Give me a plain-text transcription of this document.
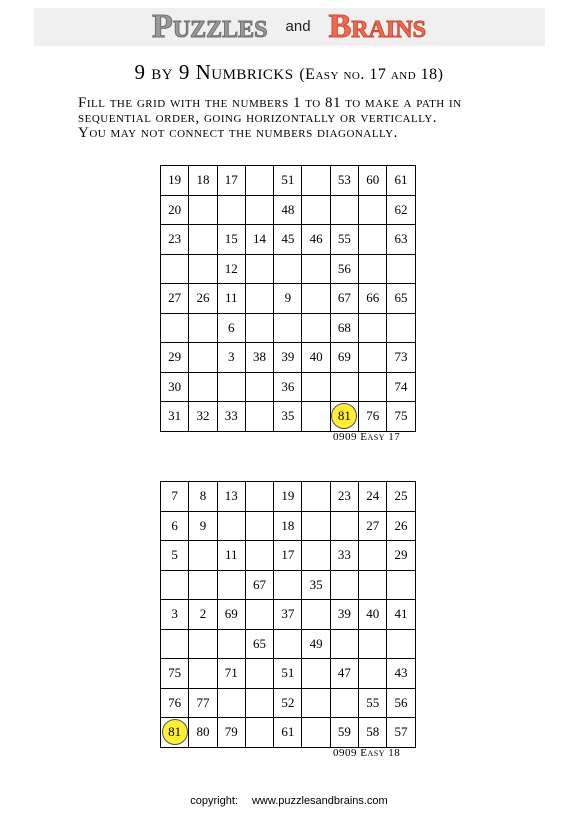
Puzzles and Brains
9 by 9 Numbricks (Easy no. 17 and 18)
Fill the grid with the numbers 1 to 81 to make a path in
sequential order, going horizontally or vertically.
You may not connect the numbers diagonally.
19	18	17		51		53	60	61
20				48				62
23		15	14	45	46	55		63
		12				56		
27	26	11		9		67	66	65
		6				68		
29		3	38	39	40	69		73
30				36				74
31	32	33		35		81	76	75
0909 Easy 17
7	8	13		19		23	24	25
6	9			18			27	26
5		11		17		33		29
			67		35			
3	2	69		37		39	40	41
			65		49			
75		71		51		47		43
76	77			52			55	56
81	80	79		61		59	58	57
0909 Easy 18
copyright: www.puzzlesandbrains.com
